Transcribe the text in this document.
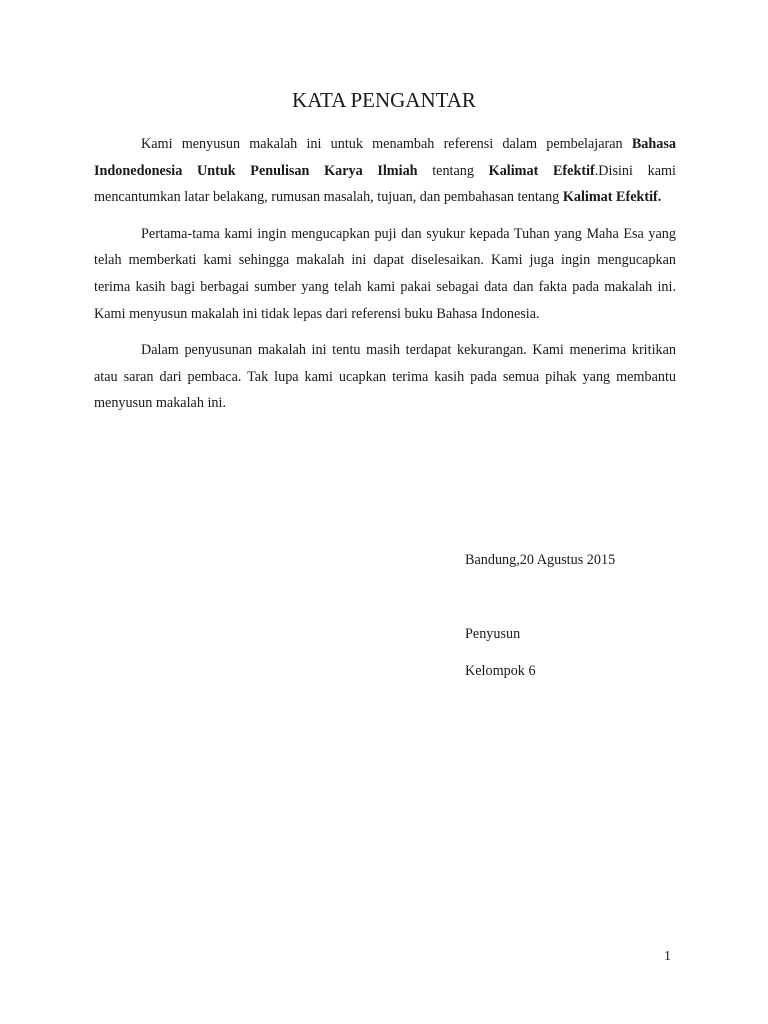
KATA PENGANTAR

Kami menyusun makalah ini untuk menambah referensi dalam pembelajaran Bahasa Indonedonesia Untuk Penulisan Karya Ilmiah tentang Kalimat Efektif.Disini kami mencantumkan latar belakang, rumusan masalah, tujuan, dan pembahasan tentang Kalimat Efektif.

Pertama-tama kami ingin mengucapkan puji dan syukur kepada Tuhan yang Maha Esa yang telah memberkati kami sehingga makalah ini dapat diselesaikan. Kami juga ingin mengucapkan terima kasih bagi berbagai sumber yang telah kami pakai sebagai data dan fakta pada makalah ini. Kami menyusun makalah ini tidak lepas dari referensi buku Bahasa Indonesia.

Dalam penyusunan makalah ini tentu masih terdapat kekurangan. Kami menerima kritikan atau saran dari pembaca. Tak lupa kami ucapkan terima kasih pada semua pihak yang membantu menyusun makalah ini.

Bandung,20 Agustus 2015

Penyusun

Kelompok 6

1
